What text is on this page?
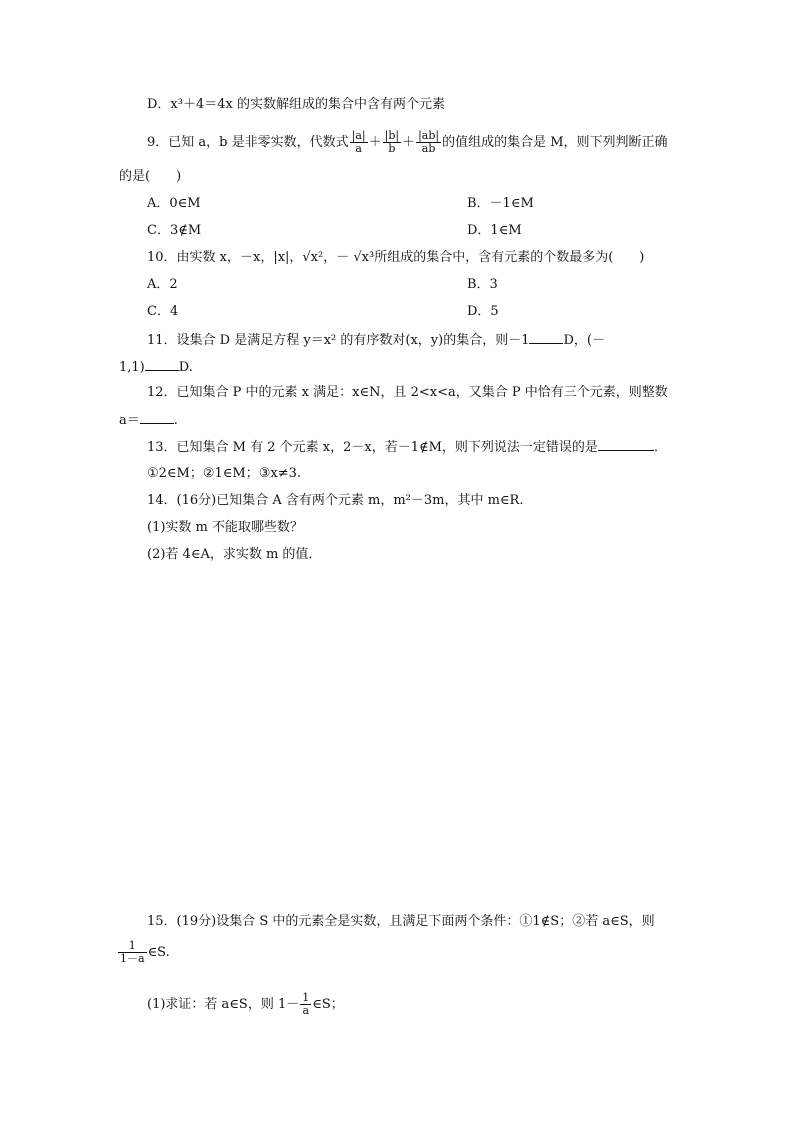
D．x³＋4＝4x 的实数解组成的集合中含有两个元素
9．已知 a，b 是非零实数，代数式 $\frac{|a|}{a} + \frac{|b|}{b} + \frac{|ab|}{ab}$ 的值组成的集合是 M，则下列判断正确
的是(　　)
A．0∈M	B．－1∈M
C．3∉M	D．1∈M
10．由实数 x，－x，|x|，√x²，－ √x³所组成的集合中，含有元素的个数最多为(　　)
A．2	B．3
C．4	D．5
11．设集合 D 是满足方程 y＝x² 的有序数对(x，y)的集合，则－1	D，(－
1,1)	D.
12．已知集合 P 中的元素 x 满足：x∈N，且 2<x<a，又集合 P 中恰有三个元素，则整数
a＝	.
13．已知集合 M 有 2 个元素 x，2－x，若－1∉M，则下列说法一定错误的是	．
①2∈M；②1∈M；③x≠3.
14．(16分)已知集合 A 含有两个元素 m，m²－3m，其中 m∈R.
(1)实数 m 不能取哪些数？
(2)若 4∈A，求实数 m 的值．
15．(19分)设集合 S 中的元素全是实数，且满足下面两个条件：①1∉S；②若 a∈S，则
$\frac{1}{1-a}$ ∈S.
(1)求证：若 a∈S，则 $1- \frac{1}{a}$ ∈S；
